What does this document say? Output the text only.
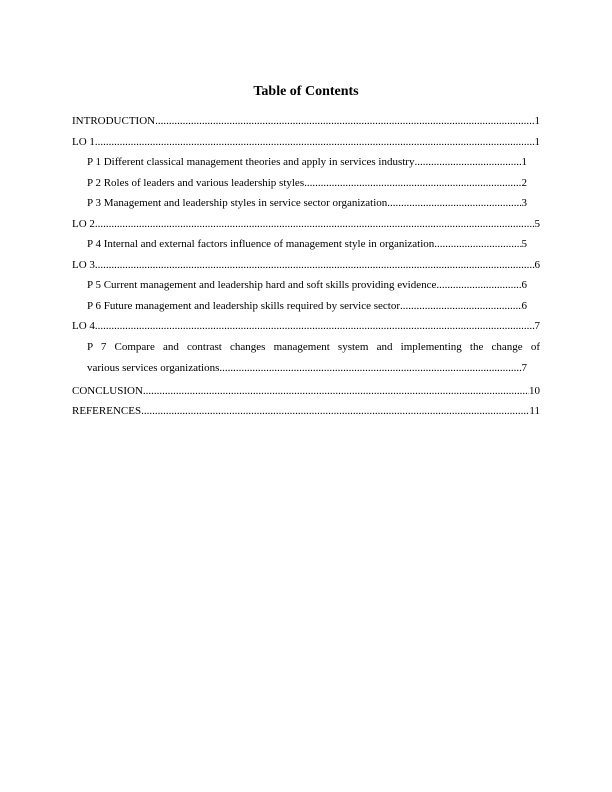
Table of Contents
INTRODUCTION .....	1
LO 1 .....	1
P 1 Different classical management theories and apply in services industry .....	1
P 2 Roles of leaders and various leadership styles .....	2
P 3 Management and leadership styles in service sector organization .....	3
LO 2 .....	5
P 4 Internal and external factors influence of management style in organization .....	5
LO 3 .....	6
P 5 Current management and leadership hard and soft skills providing evidence .....	6
P 6 Future management and leadership skills required by service sector .....	6
LO 4 .....	7
P 7 Compare and contrast changes management system and implementing the change of
various services organizations .....	7
CONCLUSION .....	10
REFERENCES .....	11
